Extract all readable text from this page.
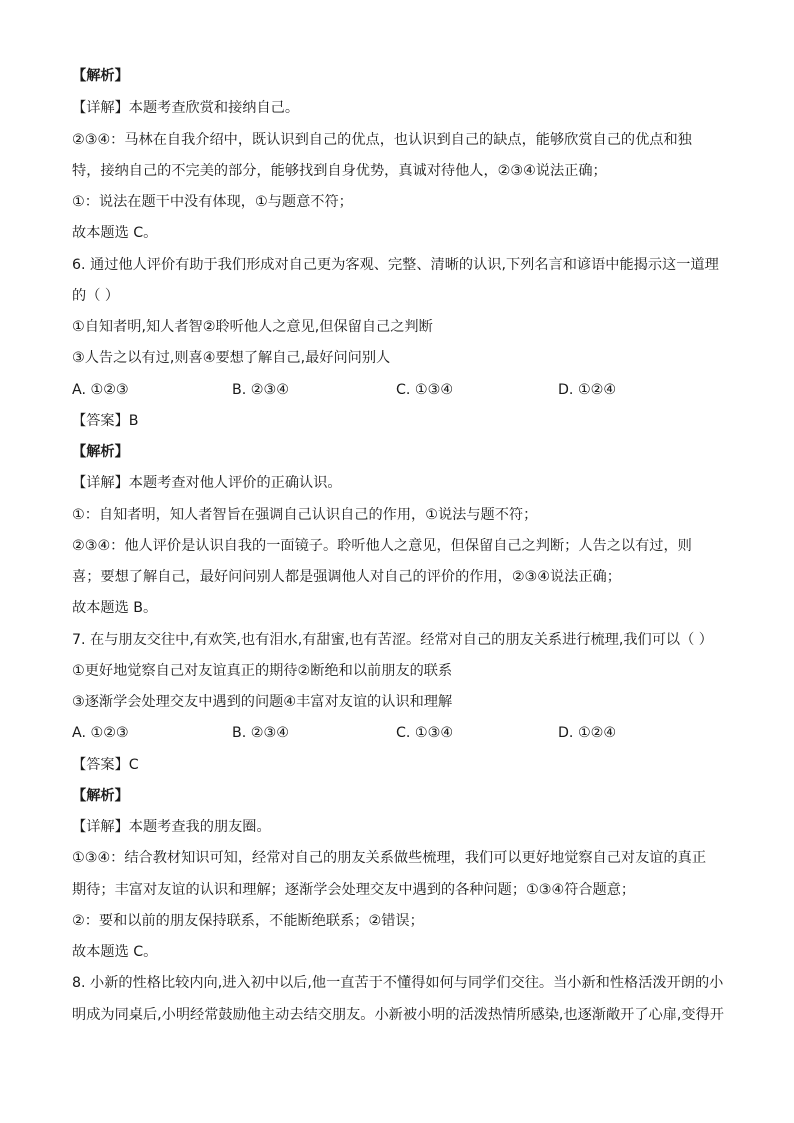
【解析】
【详解】本题考查欣赏和接纳自己。
②③④：马林在自我介绍中，既认识到自己的优点，也认识到自己的缺点，能够欣赏自己的优点和独
特，接纳自己的不完美的部分，能够找到自身优势，真诚对待他人，②③④说法正确；
①：说法在题干中没有体现，①与题意不符；
故本题选 C。
6. 通过他人评价有助于我们形成对自己更为客观、完整、清晰的认识,下列名言和谚语中能揭示这一道理
的（ ）
①自知者明,知人者智②聆听他人之意见,但保留自己之判断
③人告之以有过,则喜④要想了解自己,最好问问别人
A. ①②③	B. ②③④	C. ①③④	D. ①②④
【答案】B
【解析】
【详解】本题考查对他人评价的正确认识。
①：自知者明，知人者智旨在强调自己认识自己的作用，①说法与题不符；
②③④：他人评价是认识自我的一面镜子。聆听他人之意见，但保留自己之判断；人告之以有过，则
喜；要想了解自己，最好问问别人都是强调他人对自己的评价的作用，②③④说法正确；
故本题选 B。
7. 在与朋友交往中,有欢笑,也有泪水,有甜蜜,也有苦涩。经常对自己的朋友关系进行梳理,我们可以（ ）
①更好地觉察自己对友谊真正的期待②断绝和以前朋友的联系
③逐渐学会处理交友中遇到的问题④丰富对友谊的认识和理解
A. ①②③	B. ②③④	C. ①③④	D. ①②④
【答案】C
【解析】
【详解】本题考查我的朋友圈。
①③④：结合教材知识可知，经常对自己的朋友关系做些梳理，我们可以更好地觉察自己对友谊的真正
期待；丰富对友谊的认识和理解；逐渐学会处理交友中遇到的各种问题；①③④符合题意；
②：要和以前的朋友保持联系，不能断绝联系；②错误；
故本题选 C。
8. 小新的性格比较内向,进入初中以后,他一直苦于不懂得如何与同学们交往。当小新和性格活泼开朗的小
明成为同桌后,小明经常鼓励他主动去结交朋友。小新被小明的活泼热情所感染,也逐渐敞开了心扉,变得开
